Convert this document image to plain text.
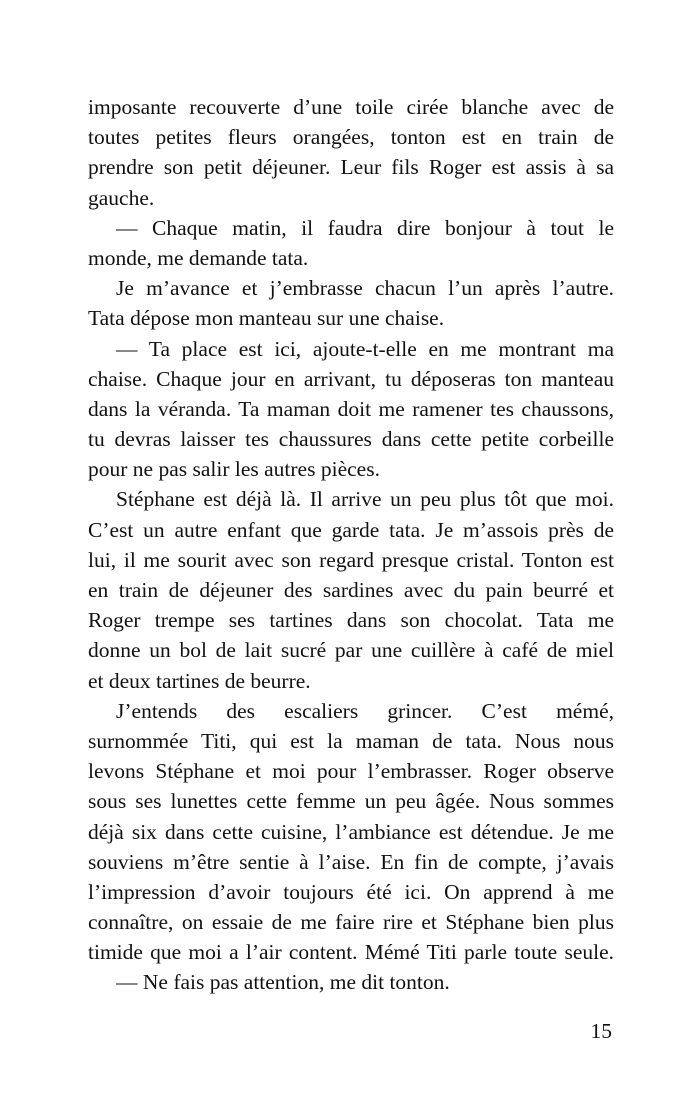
imposante recouverte d’une toile cirée blanche avec de
toutes petites fleurs orangées, tonton est en train de
prendre son petit déjeuner. Leur fils Roger est assis à sa
gauche.
— Chaque matin, il faudra dire bonjour à tout le
monde, me demande tata.
Je m’avance et j’embrasse chacun l’un après l’autre.
Tata dépose mon manteau sur une chaise.
— Ta place est ici, ajoute-t-elle en me montrant ma
chaise. Chaque jour en arrivant, tu déposeras ton manteau
dans la véranda. Ta maman doit me ramener tes chaussons,
tu devras laisser tes chaussures dans cette petite corbeille
pour ne pas salir les autres pièces.
Stéphane est déjà là. Il arrive un peu plus tôt que moi.
C’est un autre enfant que garde tata. Je m’assois près de
lui, il me sourit avec son regard presque cristal. Tonton est
en train de déjeuner des sardines avec du pain beurré et
Roger trempe ses tartines dans son chocolat. Tata me
donne un bol de lait sucré par une cuillère à café de miel
et deux tartines de beurre.
J’entends des escaliers grincer. C’est mémé,
surnommée Titi, qui est la maman de tata. Nous nous
levons Stéphane et moi pour l’embrasser. Roger observe
sous ses lunettes cette femme un peu âgée. Nous sommes
déjà six dans cette cuisine, l’ambiance est détendue. Je me
souviens m’être sentie à l’aise. En fin de compte, j’avais
l’impression d’avoir toujours été ici. On apprend à me
connaître, on essaie de me faire rire et Stéphane bien plus
timide que moi a l’air content. Mémé Titi parle toute seule.
— Ne fais pas attention, me dit tonton.
15
